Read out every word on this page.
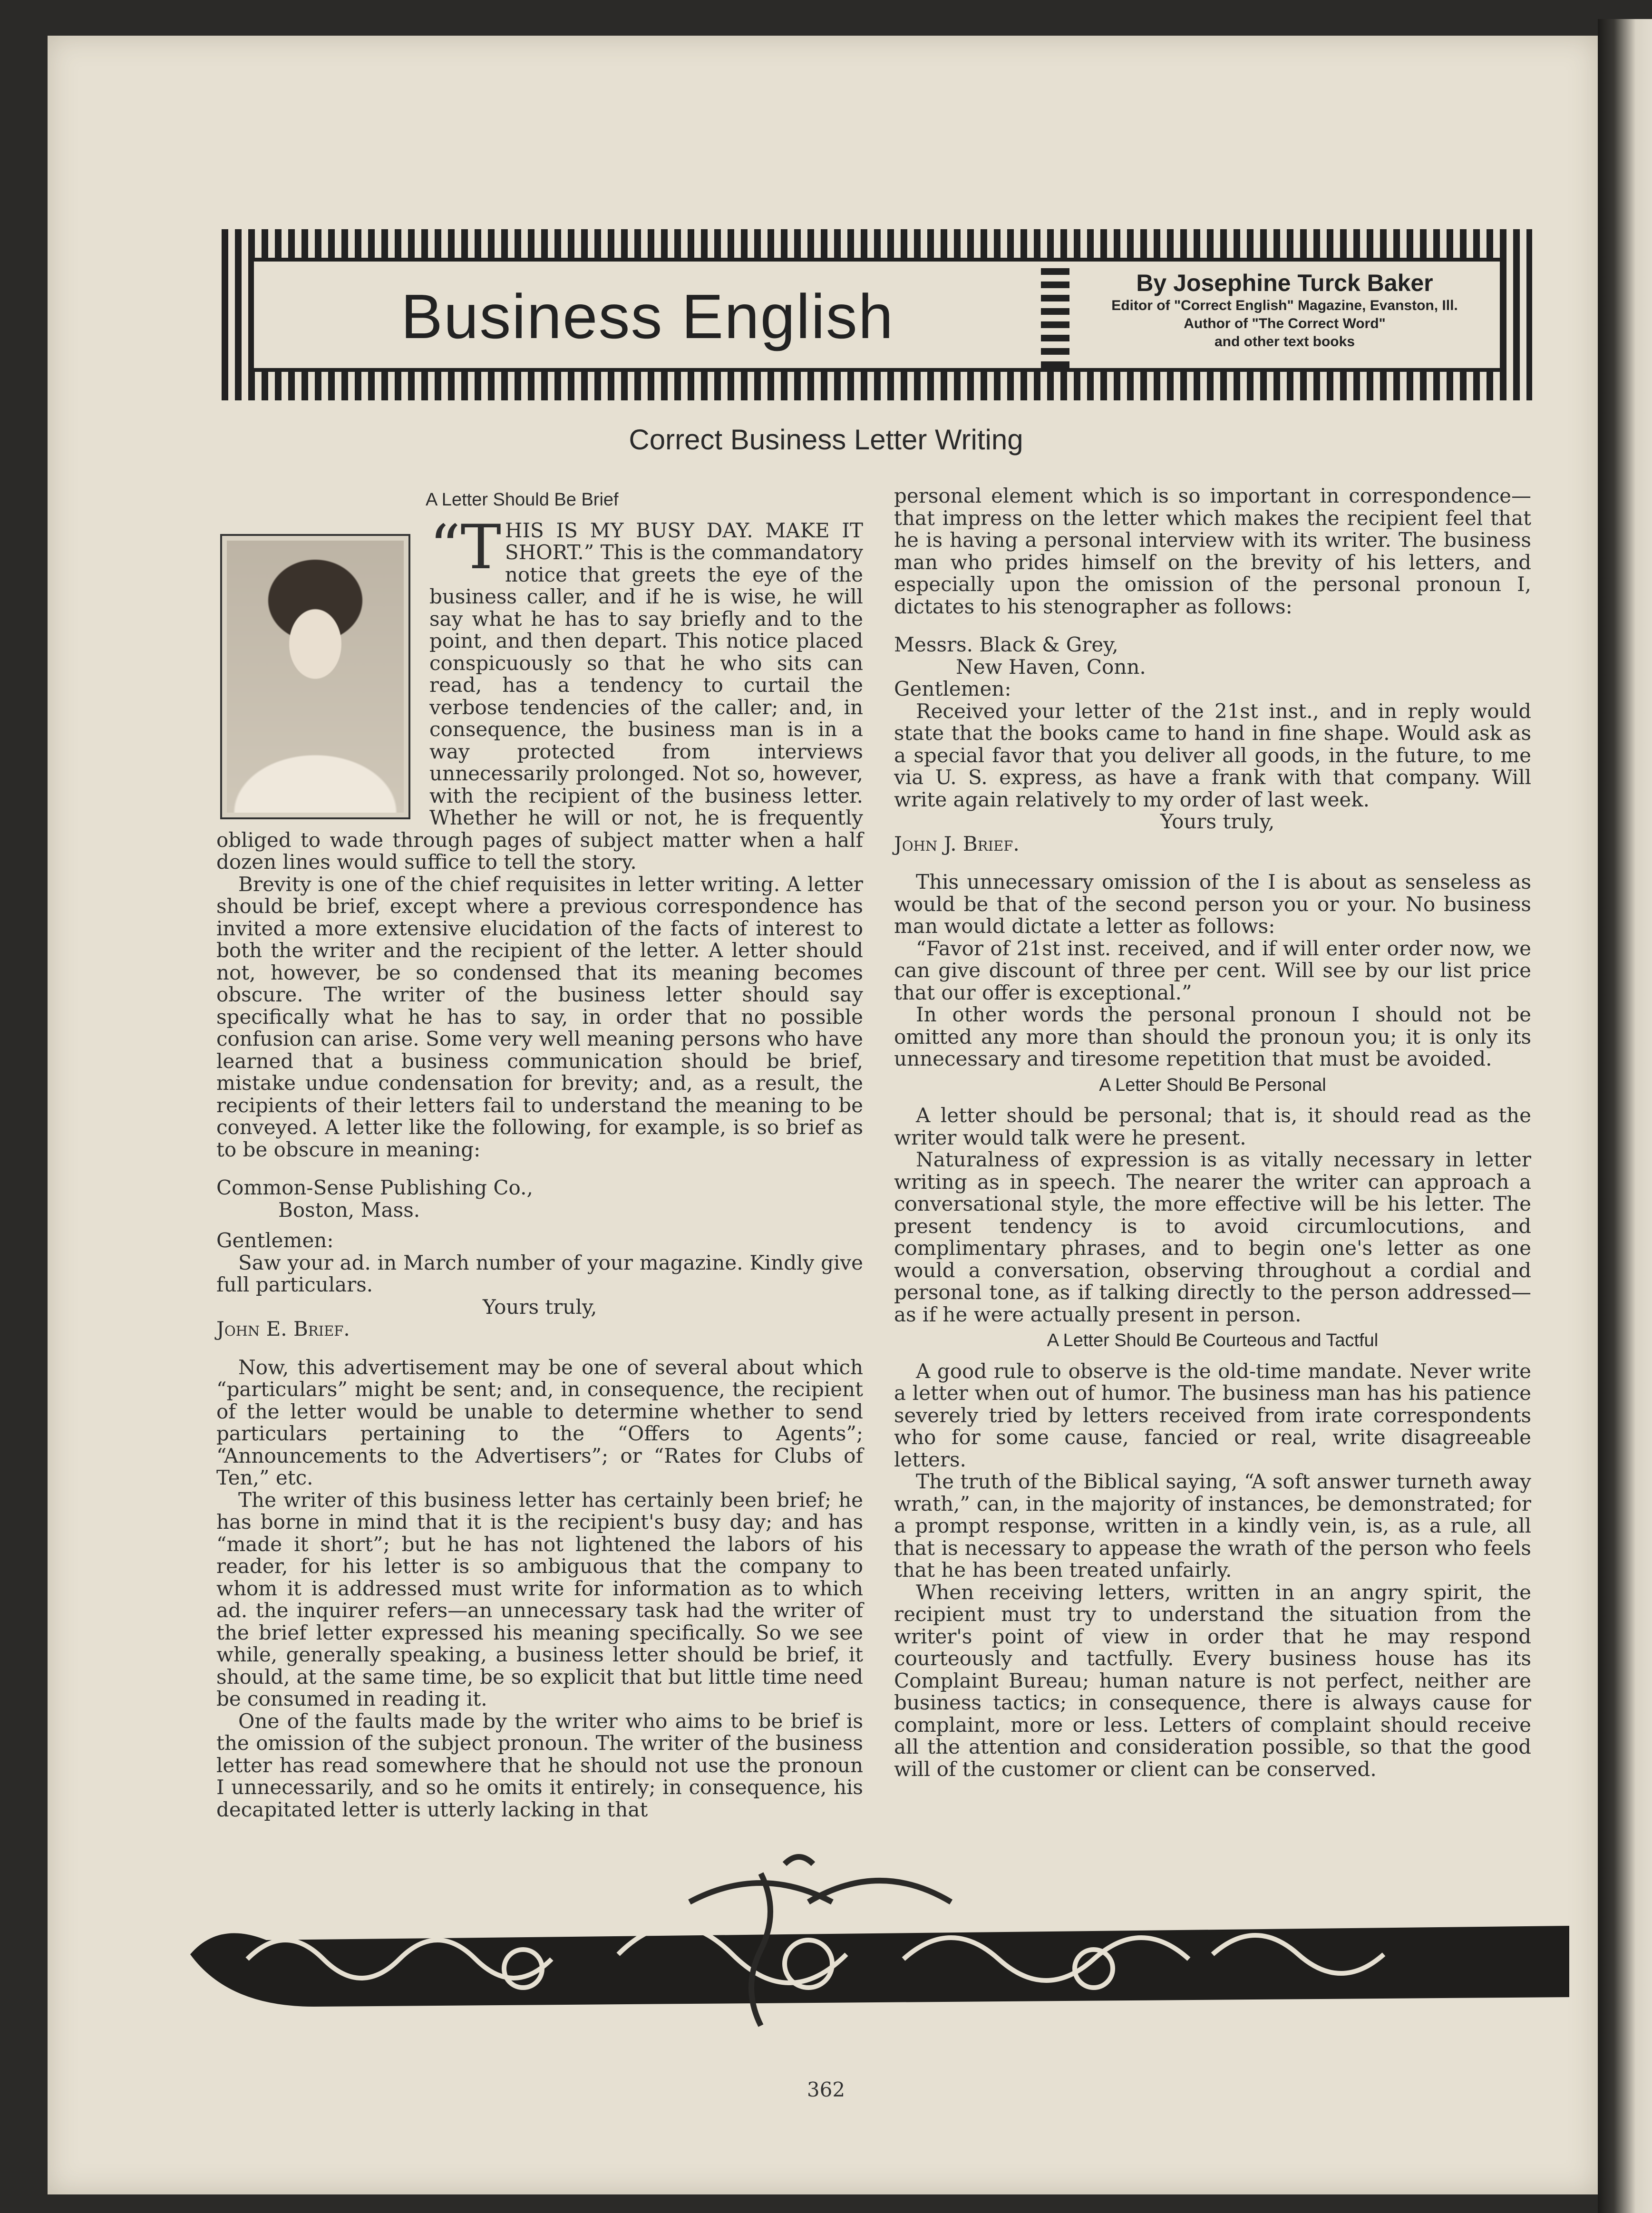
Business English	By Josephine Turck Baker
Editor of "Correct English" Magazine, Evanston, Ill.
Author of "The Correct Word"
and other text books
Correct Business Letter Writing
A Letter Should Be Brief

“THIS IS MY BUSY DAY. MAKE IT SHORT.” This is the commandatory notice that greets the eye of the business caller, and if he is wise, he will say what he has to say briefly and to the point, and then depart. This notice placed conspicuously so that he who sits can read, has a tendency to curtail the verbose tendencies of the caller; and, in consequence, the business man is in a way protected from interviews unnecessarily prolonged. Not so, however, with the recipient of the business letter. Whether he will or not, he is frequently obliged to wade through pages of subject matter when a half dozen lines would suffice to tell the story.

Brevity is one of the chief requisites in letter writing. A letter should be brief, except where a previous correspondence has invited a more extensive elucidation of the facts of interest to both the writer and the recipient of the letter. A letter should not, however, be so condensed that its meaning becomes obscure. The writer of the business letter should say specifically what he has to say, in order that no possible confusion can arise. Some very well meaning persons who have learned that a business communication should be brief, mistake undue condensation for brevity; and, as a result, the recipients of their letters fail to understand the meaning to be conveyed. A letter like the following, for example, is so brief as to be obscure in meaning:

Common-Sense Publishing Co.,

Boston, Mass.

Gentlemen:

Saw your ad. in March number of your magazine. Kindly give full particulars.

Yours truly,

John E. Brief.

Now, this advertisement may be one of several about which “particulars” might be sent; and, in consequence, the recipient of the letter would be unable to determine whether to send particulars pertaining to the “Offers to Agents”; “Announcements to the Advertisers”; or “Rates for Clubs of Ten,” etc.

The writer of this business letter has certainly been brief; he has borne in mind that it is the recipient's busy day; and has “made it short”; but he has not lightened the labors of his reader, for his letter is so ambiguous that the company to whom it is addressed must write for information as to which ad. the inquirer refers—an unnecessary task had the writer of the brief letter expressed his meaning specifically. So we see while, generally speaking, a business letter should be brief, it should, at the same time, be so explicit that but little time need be consumed in reading it.

One of the faults made by the writer who aims to be brief is the omission of the subject pronoun. The writer of the business letter has read somewhere that he should not use the pronoun I unnecessarily, and so he omits it entirely; in consequence, his decapitated letter is utterly lacking in that

personal element which is so important in correspondence—that impress on the letter which makes the recipient feel that he is having a personal interview with its writer. The business man who prides himself on the brevity of his letters, and especially upon the omission of the personal pronoun I, dictates to his stenographer as follows:

Messrs. Black & Grey,

New Haven, Conn.

Gentlemen:

Received your letter of the 21st inst., and in reply would state that the books came to hand in fine shape. Would ask as a special favor that you deliver all goods, in the future, to me via U. S. express, as have a frank with that company. Will write again relatively to my order of last week.

Yours truly,

John J. Brief.

This unnecessary omission of the I is about as senseless as would be that of the second person you or your. No business man would dictate a letter as follows:

“Favor of 21st inst. received, and if will enter order now, we can give discount of three per cent. Will see by our list price that our offer is exceptional.”

In other words the personal pronoun I should not be omitted any more than should the pronoun you; it is only its unnecessary and tiresome repetition that must be avoided.

A Letter Should Be Personal

A letter should be personal; that is, it should read as the writer would talk were he present.

Naturalness of expression is as vitally necessary in letter writing as in speech. The nearer the writer can approach a conversational style, the more effective will be his letter. The present tendency is to avoid circumlocutions, and complimentary phrases, and to begin one's letter as one would a conversation, observing throughout a cordial and personal tone, as if talking directly to the person addressed—as if he were actually present in person.

A Letter Should Be Courteous and Tactful

A good rule to observe is the old-time mandate. Never write a letter when out of humor. The business man has his patience severely tried by letters received from irate correspondents who for some cause, fancied or real, write disagreeable letters.

The truth of the Biblical saying, “A soft answer turneth away wrath,” can, in the majority of instances, be demonstrated; for a prompt response, written in a kindly vein, is, as a rule, all that is necessary to appease the wrath of the person who feels that he has been treated unfairly.

When receiving letters, written in an angry spirit, the recipient must try to understand the situation from the writer's point of view in order that he may respond courteously and tactfully. Every business house has its Complaint Bureau; human nature is not perfect, neither are business tactics; in consequence, there is always cause for complaint, more or less. Letters of complaint should receive all the attention and consideration possible, so that the good will of the customer or client can be conserved.

362
